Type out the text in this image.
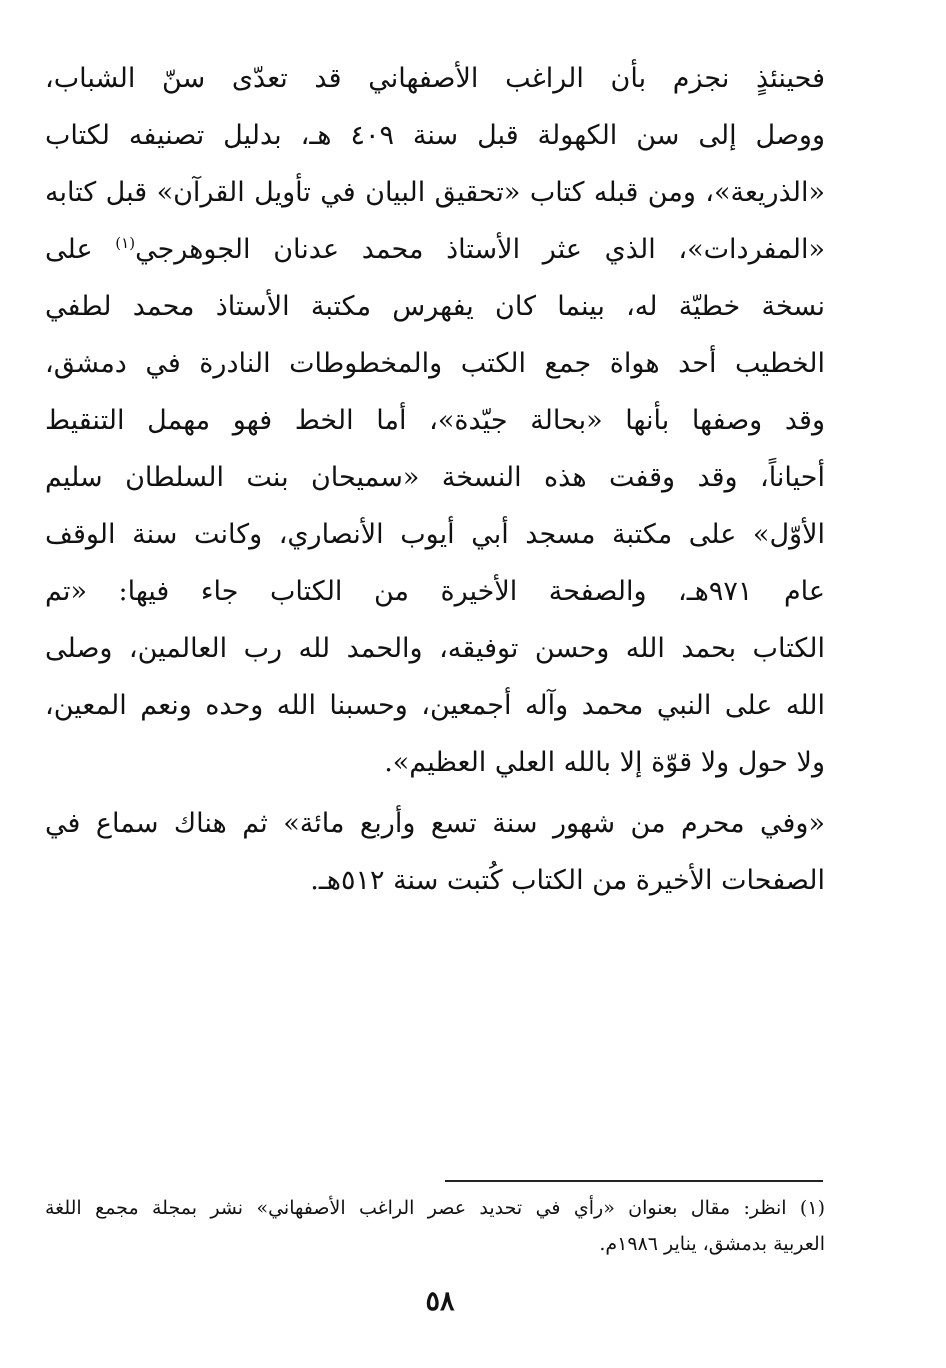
فحينئذٍ نجزم بأن الراغب الأصفهاني قد تعدّى سنّ الشباب،
ووصل إلى سن الكهولة قبل سنة ٤٠٩ هـ، بدليل تصنيفه لكتاب
«الذريعة»، ومن قبله كتاب «تحقيق البيان في تأويل القرآن» قبل كتابه
«المفردات»، الذي عثر الأستاذ محمد عدنان الجوهرجي$^{(١)}$ على
نسخة خطيّة له، بينما كان يفهرس مكتبة الأستاذ محمد لطفي
الخطيب أحد هواة جمع الكتب والمخطوطات النادرة في دمشق،
وقد وصفها بأنها «بحالة جيّدة»، أما الخط فهو مهمل التنقيط
أحياناً، وقد وقفت هذه النسخة «سميحان بنت السلطان سليم
الأوّل» على مكتبة مسجد أبي أيوب الأنصاري، وكانت سنة الوقف
عام ٩٧١هـ، والصفحة الأخيرة من الكتاب جاء فيها: «تم
الكتاب بحمد الله وحسن توفيقه، والحمد لله رب العالمين، وصلى
الله على النبي محمد وآله أجمعين، وحسبنا الله وحده ونعم المعين،
ولا حول ولا قوّة إلا بالله العلي العظيم».
«وفي محرم من شهور سنة تسع وأربع مائة» ثم هناك سماع في
الصفحات الأخيرة من الكتاب كُتبت سنة ٥١٢هـ.
(١) انظر: مقال بعنوان «رأي في تحديد عصر الراغب الأصفهاني» نشر بمجلة مجمع اللغة
العربية بدمشق، يناير ١٩٨٦م.
٥٨
